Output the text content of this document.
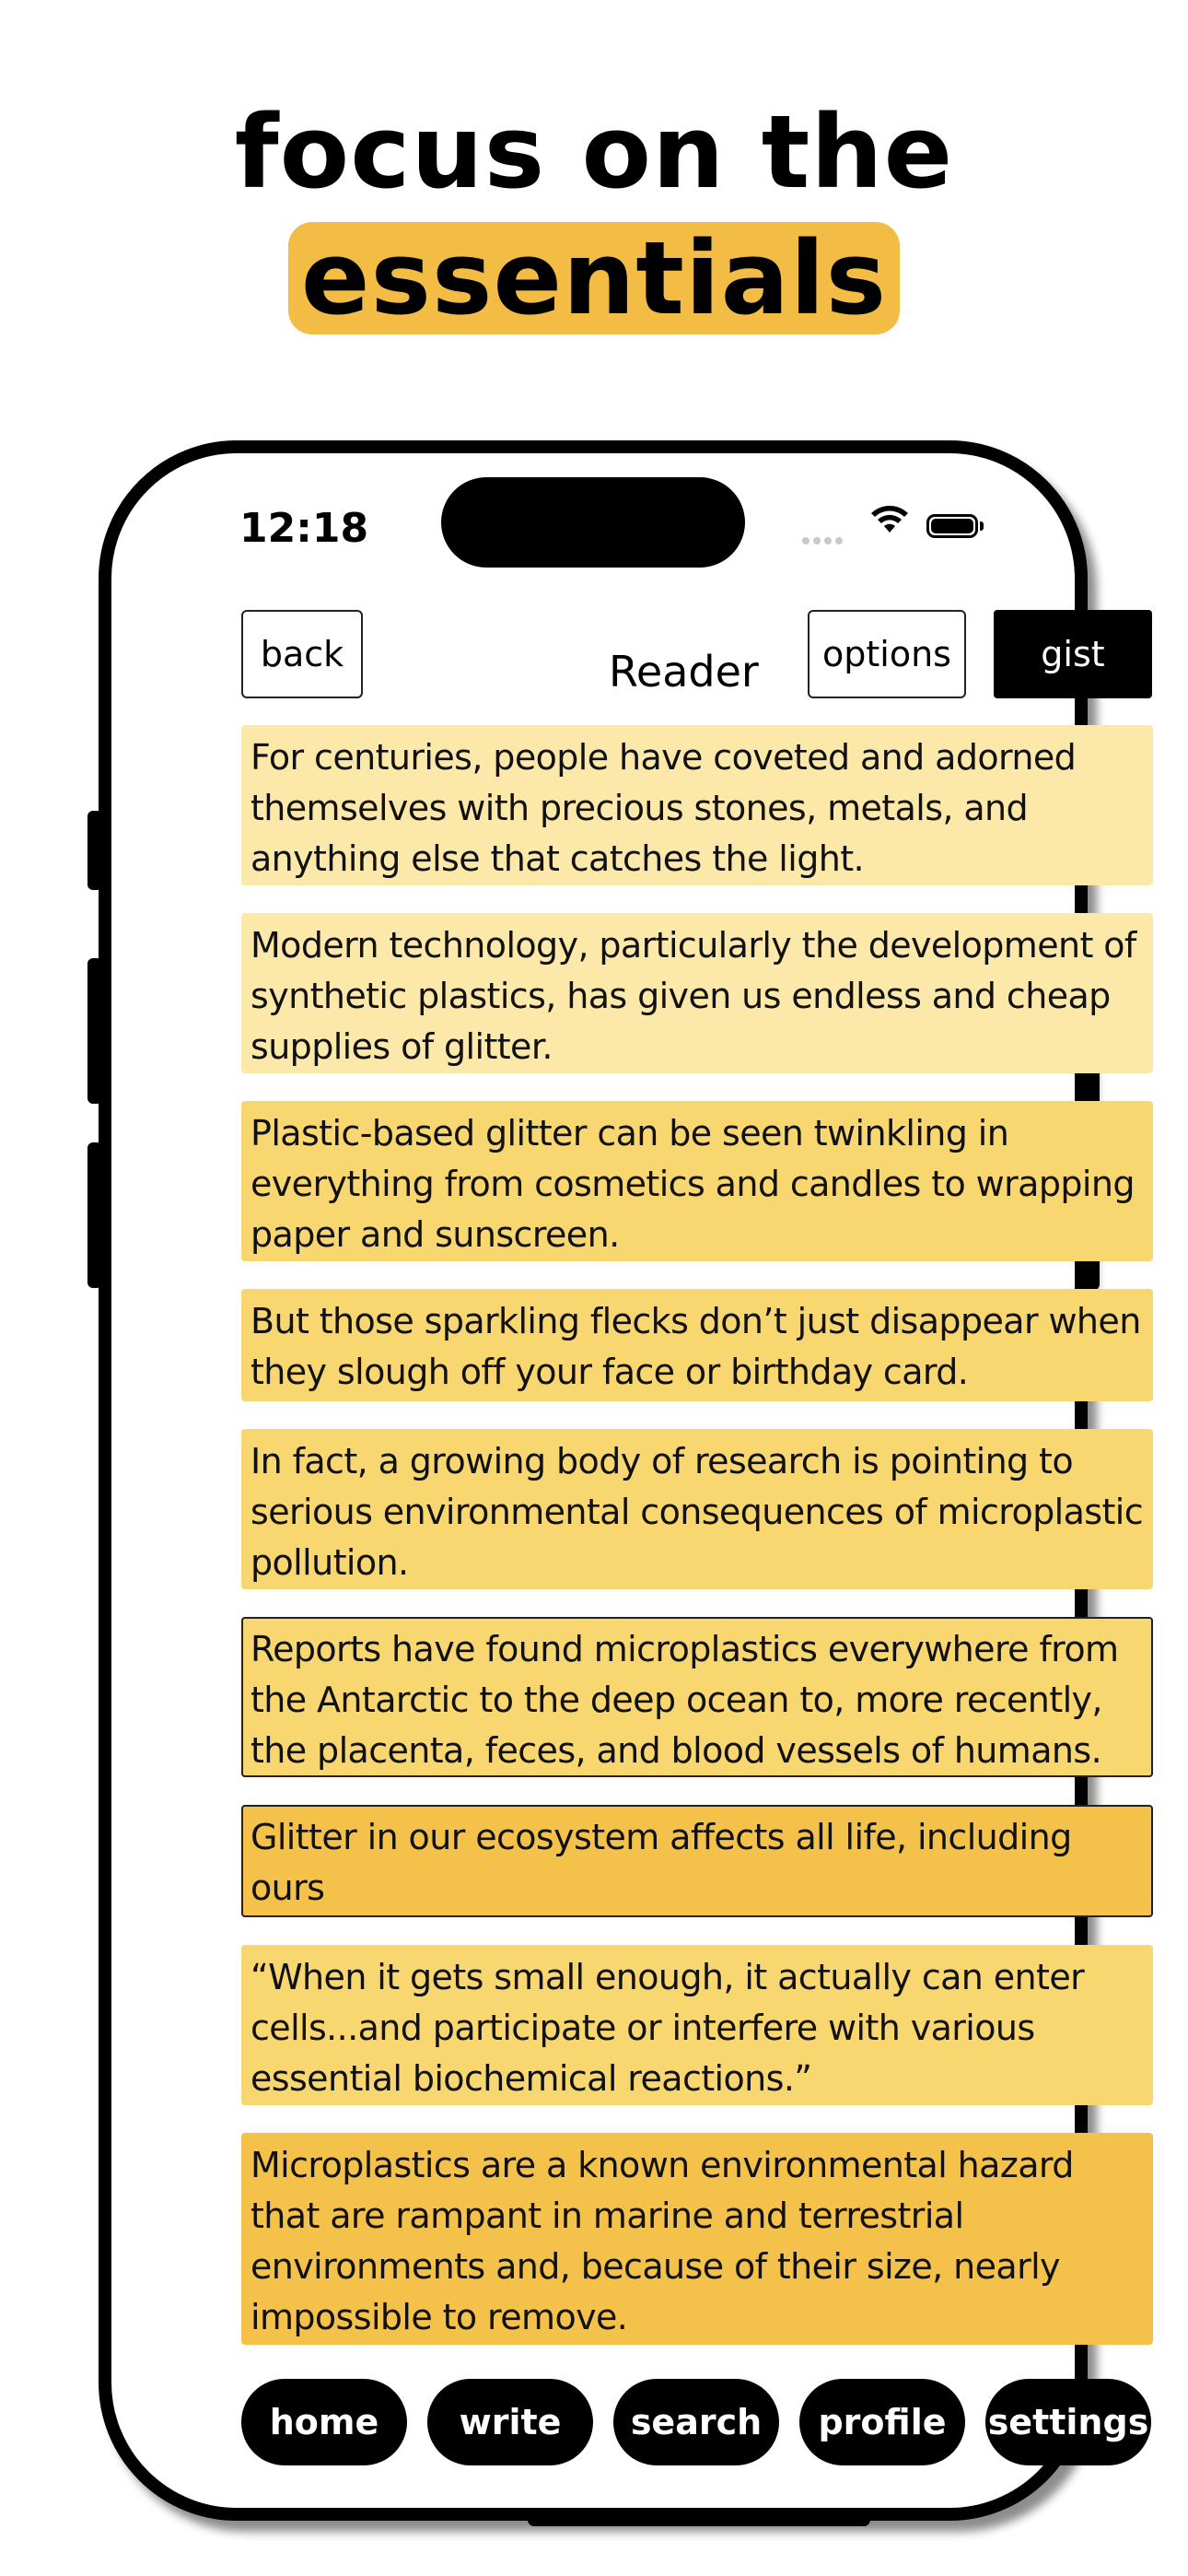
focus on the
essentials
12:18
back	Reader	options	gist
For centuries, people have coveted and adorned themselves with precious stones, metals, and anything else that catches the light.
Modern technology, particularly the development of synthetic plastics, has given us endless and cheap supplies of glitter.
Plastic-based glitter can be seen twinkling in everything from cosmetics and candles to wrapping paper and sunscreen.
But those sparkling flecks don’t just disappear when they slough off your face or birthday card.
In fact, a growing body of research is pointing to serious environmental consequences of microplastic pollution.
Reports have found microplastics everywhere from the Antarctic to the deep ocean to, more recently, the placenta, feces, and blood vessels of humans.
Glitter in our ecosystem affects all life, including ours
“When it gets small enough, it actually can enter cells...and participate or interfere with various essential biochemical reactions.”
Microplastics are a known environmental hazard that are rampant in marine and terrestrial environments and, because of their size, nearly impossible to remove.
home	write	search	profile	settings
